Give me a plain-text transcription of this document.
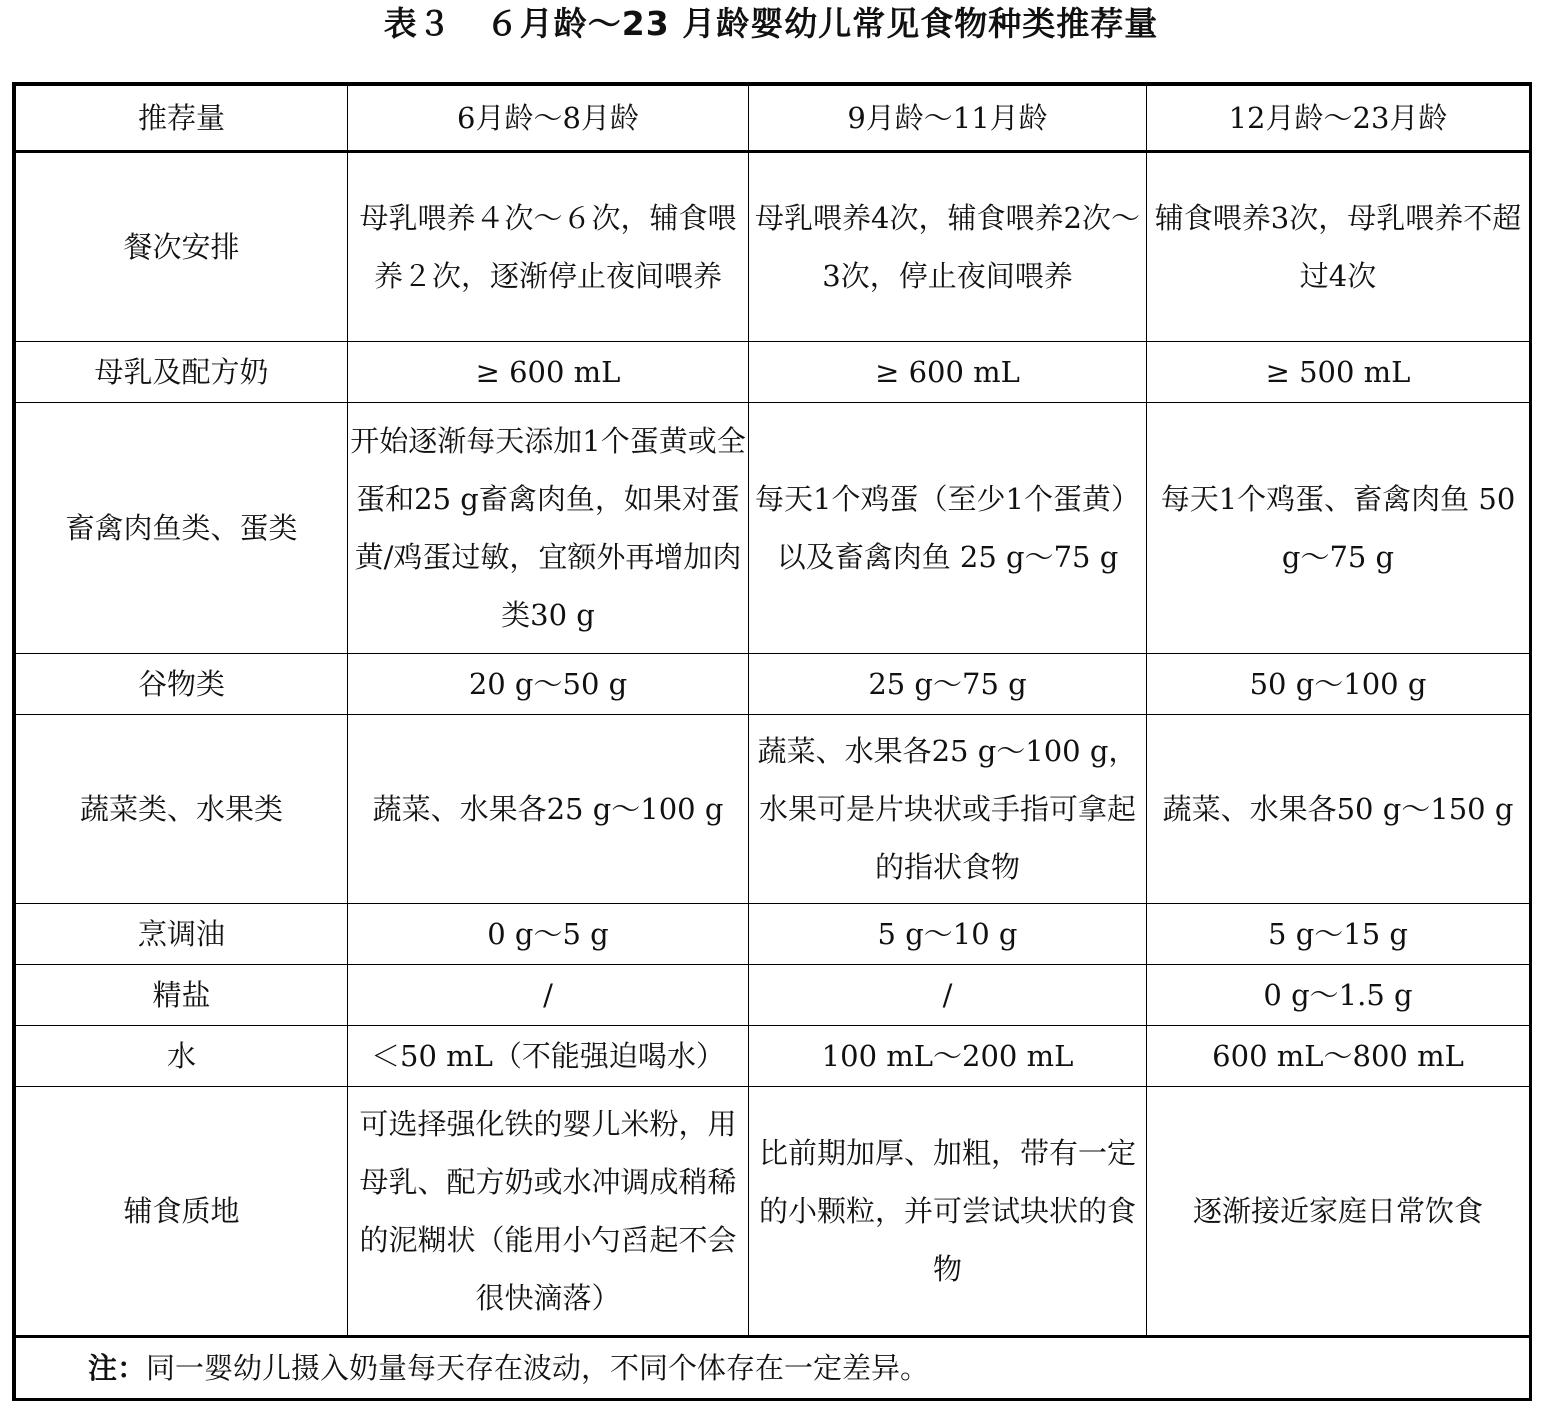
表３　６月龄～23 月龄婴幼儿常见食物种类推荐量
推荐量	6月龄～8月龄	9月龄～11月龄	12月龄～23月龄
餐次安排	母乳喂养４次～６次，辅食喂养２次，逐渐停止夜间喂养	母乳喂养4次，辅食喂养2次～3次，停止夜间喂养	辅食喂养3次，母乳喂养不超过4次
母乳及配方奶	≥ 600 mL	≥ 600 mL	≥ 500 mL
畜禽肉鱼类、蛋类	开始逐渐每天添加1个蛋黄或全蛋和25 g畜禽肉鱼，如果对蛋黄/鸡蛋过敏，宜额外再增加肉类30 g	每天1个鸡蛋（至少1个蛋黄）以及畜禽肉鱼 25 g～75 g	每天1个鸡蛋、畜禽肉鱼 50 g～75 g
谷物类	20 g～50 g	25 g～75 g	50 g～100 g
蔬菜类、水果类	蔬菜、水果各25 g～100 g	蔬菜、水果各25 g～100 g，水果可是片块状或手指可拿起的指状食物	蔬菜、水果各50 g～150 g
烹调油	0 g～5 g	5 g～10 g	5 g～15 g
精盐	/	/	0 g～1.5 g
水	＜50 mL（不能强迫喝水）	100 mL～200 mL	600 mL～800 mL
辅食质地	可选择强化铁的婴儿米粉，用母乳、配方奶或水冲调成稍稀的泥糊状（能用小勺舀起不会很快滴落）	比前期加厚、加粗，带有一定的小颗粒，并可尝试块状的食物	逐渐接近家庭日常饮食
注：同一婴幼儿摄入奶量每天存在波动，不同个体存在一定差异。			
